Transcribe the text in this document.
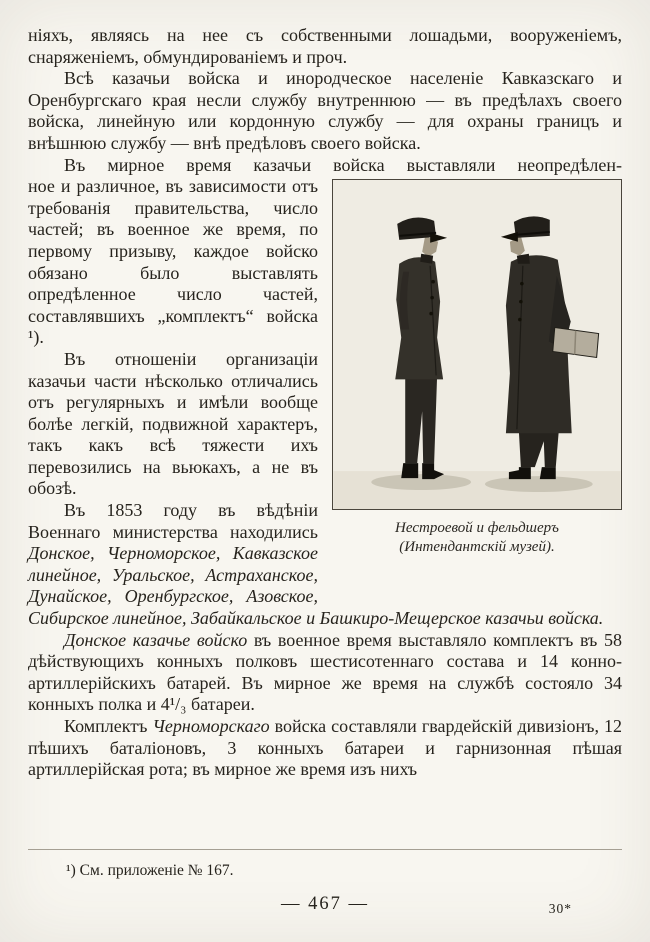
ніяхъ, являясь на нее съ собственными лошадьми, вооруженіемъ, снаряженіемъ, обмундированіемъ и проч.

Всѣ казачьи войска и инородческое населеніе Кавказскаго и Оренбургскаго края несли службу внутреннюю — въ предѣлахъ своего войска, линейную или кордонную службу — для охраны границъ и внѣшнюю службу — внѣ предѣловъ своего войска.

Въ мирное время казачьи войска выставляли неопредѣлен-

Нестроевой и фельдшеръ
(Интендантскій музей).

ное и различное, въ зависимости отъ требованія правительства, число частей; въ военное же время, по первому призыву, каждое войско обязано было выставлять опредѣленное число частей, составлявшихъ „комплектъ“ войска ¹).

Въ отношеніи организаціи казачьи части нѣсколько отличались отъ регулярныхъ и имѣли вообще болѣе легкій, подвижной характеръ, такъ какъ всѣ тяжести ихъ перевозились на вьюкахъ, а не въ обозѣ.

Въ 1853 году въ вѣдѣніи Военнаго министерства находились Донское, Черноморское, Кавказское линейное, Уральское, Астраханское, Дунайское, Оренбургское, Азовское, Сибирское линейное, Забайкальское и Башкиро-Мещерское казачьи войска.

Донское казачье войско въ военное время выставляло комплектъ въ 58 дѣйствующихъ конныхъ полковъ шестисотеннаго состава и 14 конно-артиллерійскихъ батарей. Въ мирное же время на службѣ состояло 34 конныхъ полка и 4¹/₃ батареи.

Комплектъ Черноморскаго войска составляли гвардейскій дивизіонъ, 12 пѣшихъ баталіоновъ, 3 конныхъ батареи и гарнизонная пѣшая артиллерійская рота; въ мирное же время изъ нихъ

¹) См. приложеніе № 167.
— 467 —	30*
